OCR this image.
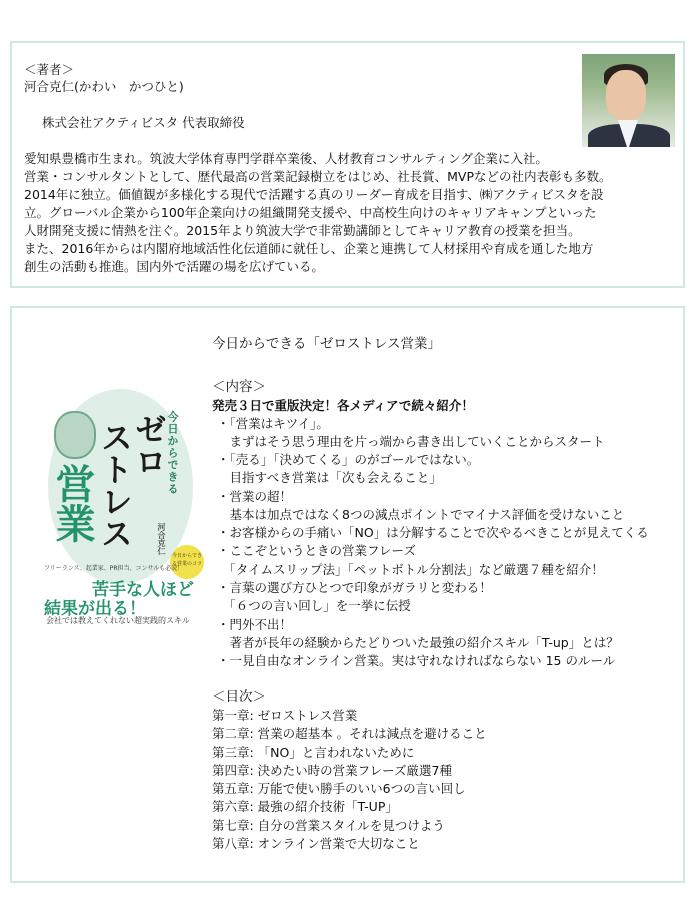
＜著者＞
河合克仁(かわい　かつひと)
株式会社アクティビスタ 代表取締役
愛知県豊橋市生まれ。筑波大学体育専門学群卒業後、人材教育コンサルティング企業に入社。
営業・コンサルタントとして、歴代最高の営業記録樹立をはじめ、社長賞、MVPなどの社内表彰も多数。
2014年に独立。価値観が多様化する現代で活躍する真のリーダー育成を目指す、㈱アクティビスタを設
立。グローバル企業から100年企業向けの組織開発支援や、中高校生向けのキャリアキャンプといった
人財開発支援に情熱を注ぐ。2015年より筑波大学で非常勤講師としてキャリア教育の授業を担当。
また、2016年からは内閣府地域活性化伝道師に就任し、企業と連携して人材採用や育成を通した地方
創生の活動も推進。国内外で活躍の場を広げている。
今日からできる「ゼロストレス営業」
今日からできる
ゼロ
ストレス
営業	河合克仁
今日からできる営業のコツ
フリーランス、起業家、PR担当、コンサルも必読！
苦手な人ほど
結果が出る！
会社では教えてくれない超実践的スキル
＜内容＞
発売３日で重版決定！各メディアで続々紹介！
・「営業はキツイ」。
　まずはそう思う理由を片っ端から書き出していくことからスタート
・「売る」「決めてくる」のがゴールではない。
　目指すべき営業は「次も会えること」
・営業の超！
　基本は加点ではなく8つの減点ポイントでマイナス評価を受けないこと
・お客様からの手痛い「NO」は分解することで次やるべきことが見えてくる
・ここぞというときの営業フレーズ
　「タイムスリップ法」「ペットボトル分割法」など厳選７種を紹介！
・言葉の選び方ひとつで印象がガラリと変わる！
　「６つの言い回し」を一挙に伝授
・門外不出！
　著者が長年の経験からたどりついた最強の紹介スキル「T-up」とは？
・一見自由なオンライン営業。実は守れなければならない 15 のルール
＜目次＞
第一章: ゼロストレス営業
第二章: 営業の超基本 。それは減点を避けること
第三章: 「NO」と言われないために
第四章: 決めたい時の営業フレーズ厳選7種
第五章: 万能で使い勝手のいい6つの言い回し
第六章: 最強の紹介技術「T-UP」
第七章: 自分の営業スタイルを見つけよう
第八章: オンライン営業で大切なこと
